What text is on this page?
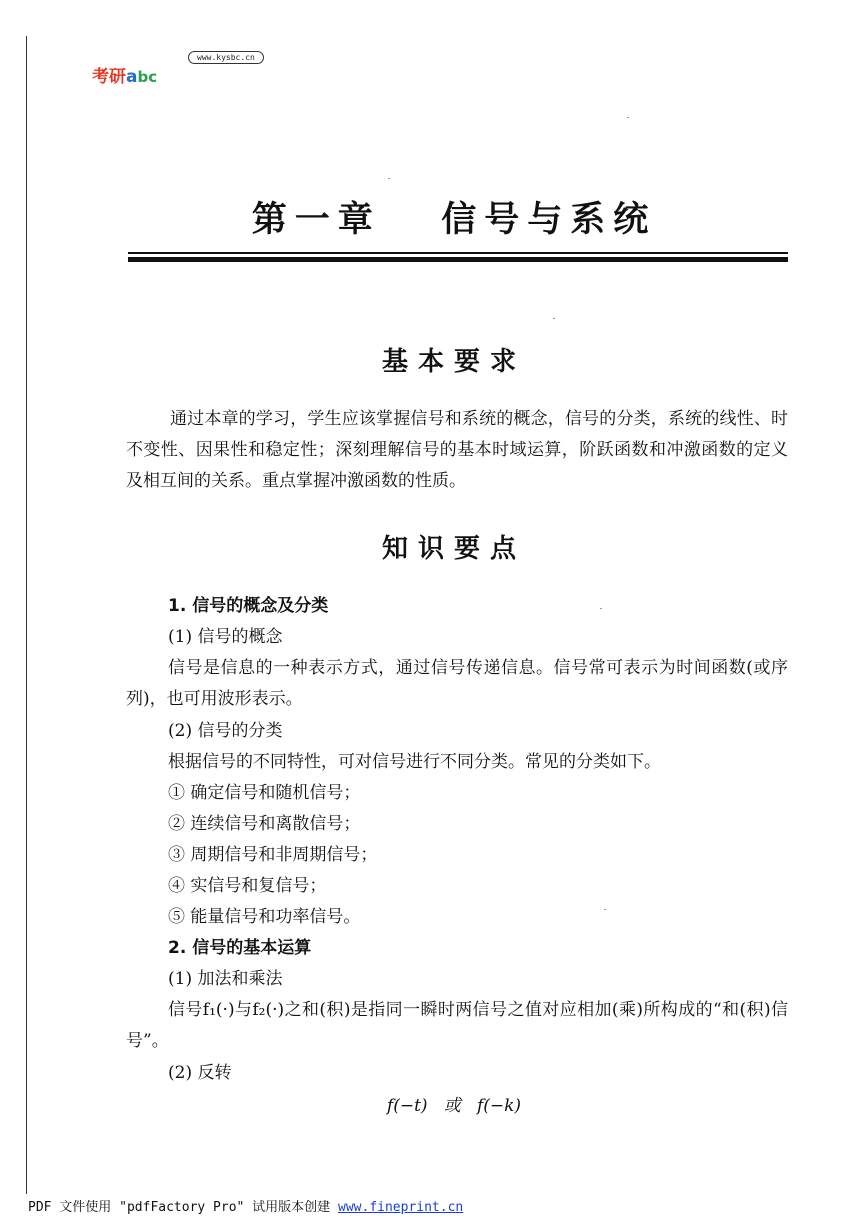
考研abc
www.kysbc.cn
第一章   信号与系统
基本要求
通过本章的学习，学生应该掌握信号和系统的概念，信号的分类，系统的线性、时不变性、因果性和稳定性；深刻理解信号的基本时域运算，阶跃函数和冲激函数的定义及相互间的关系。重点掌握冲激函数的性质。
知识要点
1. 信号的概念及分类
(1) 信号的概念
信号是信息的一种表示方式，通过信号传递信息。信号常可表示为时间函数(或序列)，也可用波形表示。
(2) 信号的分类
根据信号的不同特性，可对信号进行不同分类。常见的分类如下。
① 确定信号和随机信号；
② 连续信号和离散信号；
③ 周期信号和非周期信号；
④ 实信号和复信号；
⑤ 能量信号和功率信号。
2. 信号的基本运算
(1) 加法和乘法
信号f₁(·)与f₂(·)之和(积)是指同一瞬时两信号之值对应相加(乘)所构成的“和(积)信号”。
(2) 反转
f(−t)   或   f(−k)
PDF 文件使用 "pdfFactory Pro" 试用版本创建 www.fineprint.cn
